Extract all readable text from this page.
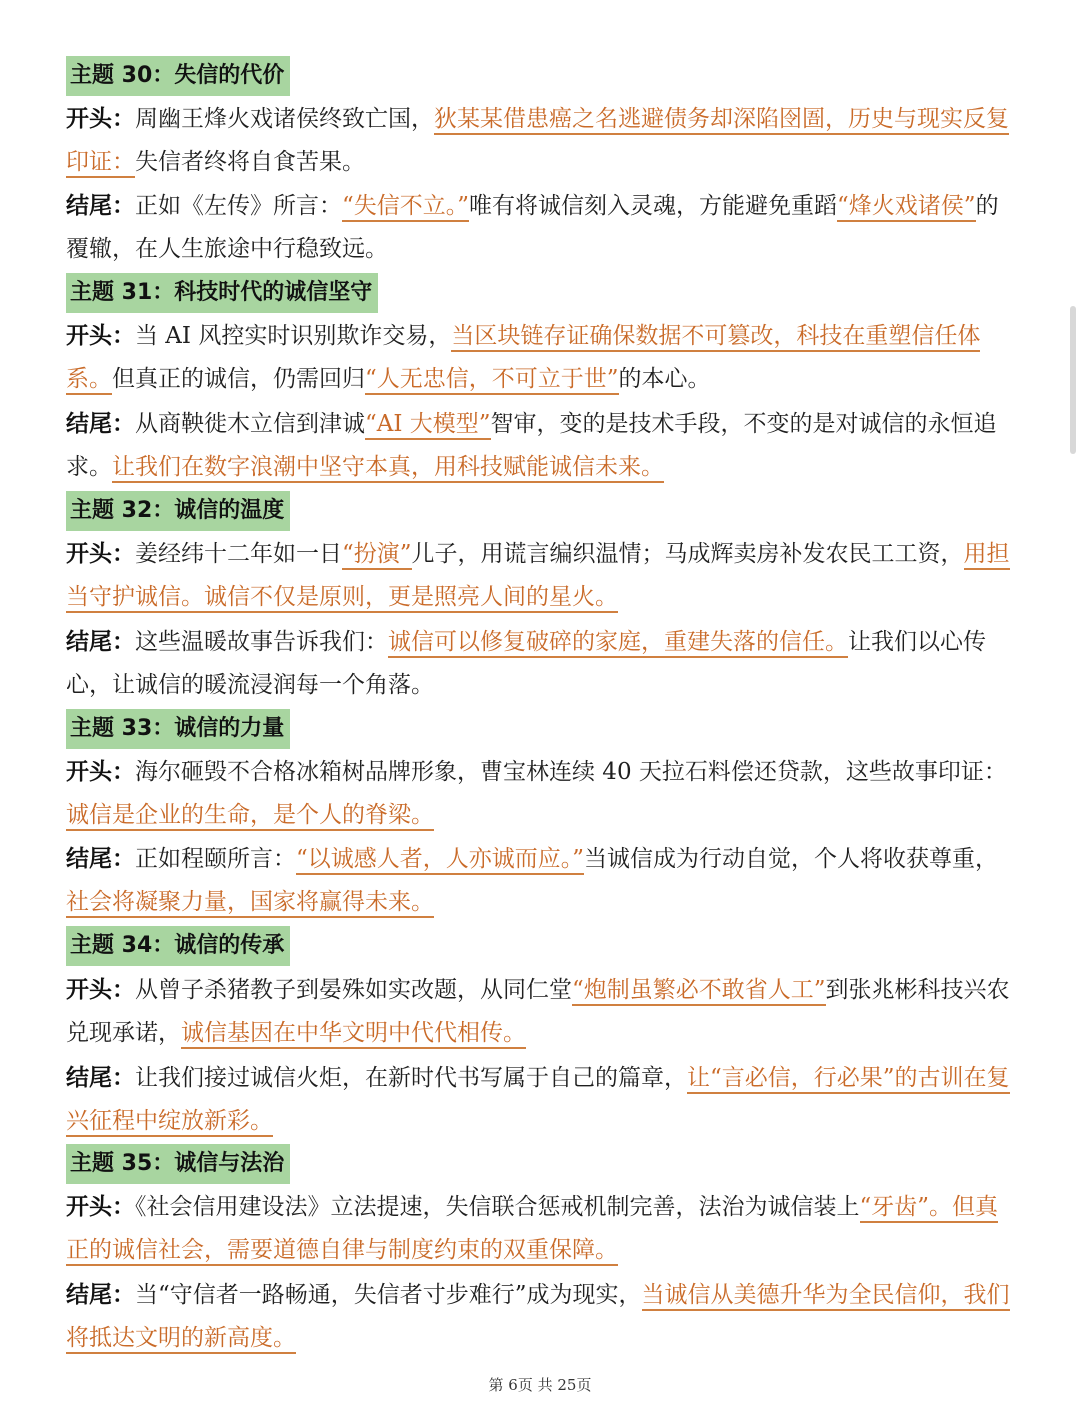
主题 30：失信的代价
开头：周幽王烽火戏诸侯终致亡国，狄某某借患癌之名逃避债务却深陷囹圄，历史与现实反复印证：失信者终将自食苦果。
结尾：正如《左传》所言：“失信不立。”唯有将诚信刻入灵魂，方能避免重蹈“烽火戏诸侯”的覆辙，在人生旅途中行稳致远。
主题 31：科技时代的诚信坚守
开头：当 AI 风控实时识别欺诈交易，当区块链存证确保数据不可篡改，科技在重塑信任体系。但真正的诚信，仍需回归“人无忠信，不可立于世”的本心。
结尾：从商鞅徙木立信到津诚“AI 大模型”智审，变的是技术手段，不变的是对诚信的永恒追求。让我们在数字浪潮中坚守本真，用科技赋能诚信未来。
主题 32：诚信的温度
开头：姜经纬十二年如一日“扮演”儿子，用谎言编织温情；马成辉卖房补发农民工工资，用担当守护诚信。诚信不仅是原则，更是照亮人间的星火。
结尾：这些温暖故事告诉我们：诚信可以修复破碎的家庭，重建失落的信任。让我们以心传心，让诚信的暖流浸润每一个角落。
主题 33：诚信的力量
开头：海尔砸毁不合格冰箱树品牌形象，曹宝林连续 40 天拉石料偿还贷款，这些故事印证：诚信是企业的生命，是个人的脊梁。
结尾：正如程颐所言：“以诚感人者，人亦诚而应。”当诚信成为行动自觉，个人将收获尊重，社会将凝聚力量，国家将赢得未来。
主题 34：诚信的传承
开头：从曾子杀猪教子到晏殊如实改题，从同仁堂“炮制虽繁必不敢省人工”到张兆彬科技兴农兑现承诺，诚信基因在中华文明中代代相传。
结尾：让我们接过诚信火炬，在新时代书写属于自己的篇章，让“言必信，行必果”的古训在复兴征程中绽放新彩。
主题 35：诚信与法治
开头：《社会信用建设法》立法提速，失信联合惩戒机制完善，法治为诚信装上“牙齿”。但真正的诚信社会，需要道德自律与制度约束的双重保障。
结尾：当“守信者一路畅通，失信者寸步难行”成为现实，当诚信从美德升华为全民信仰，我们将抵达文明的新高度。
第 6页 共 25页
